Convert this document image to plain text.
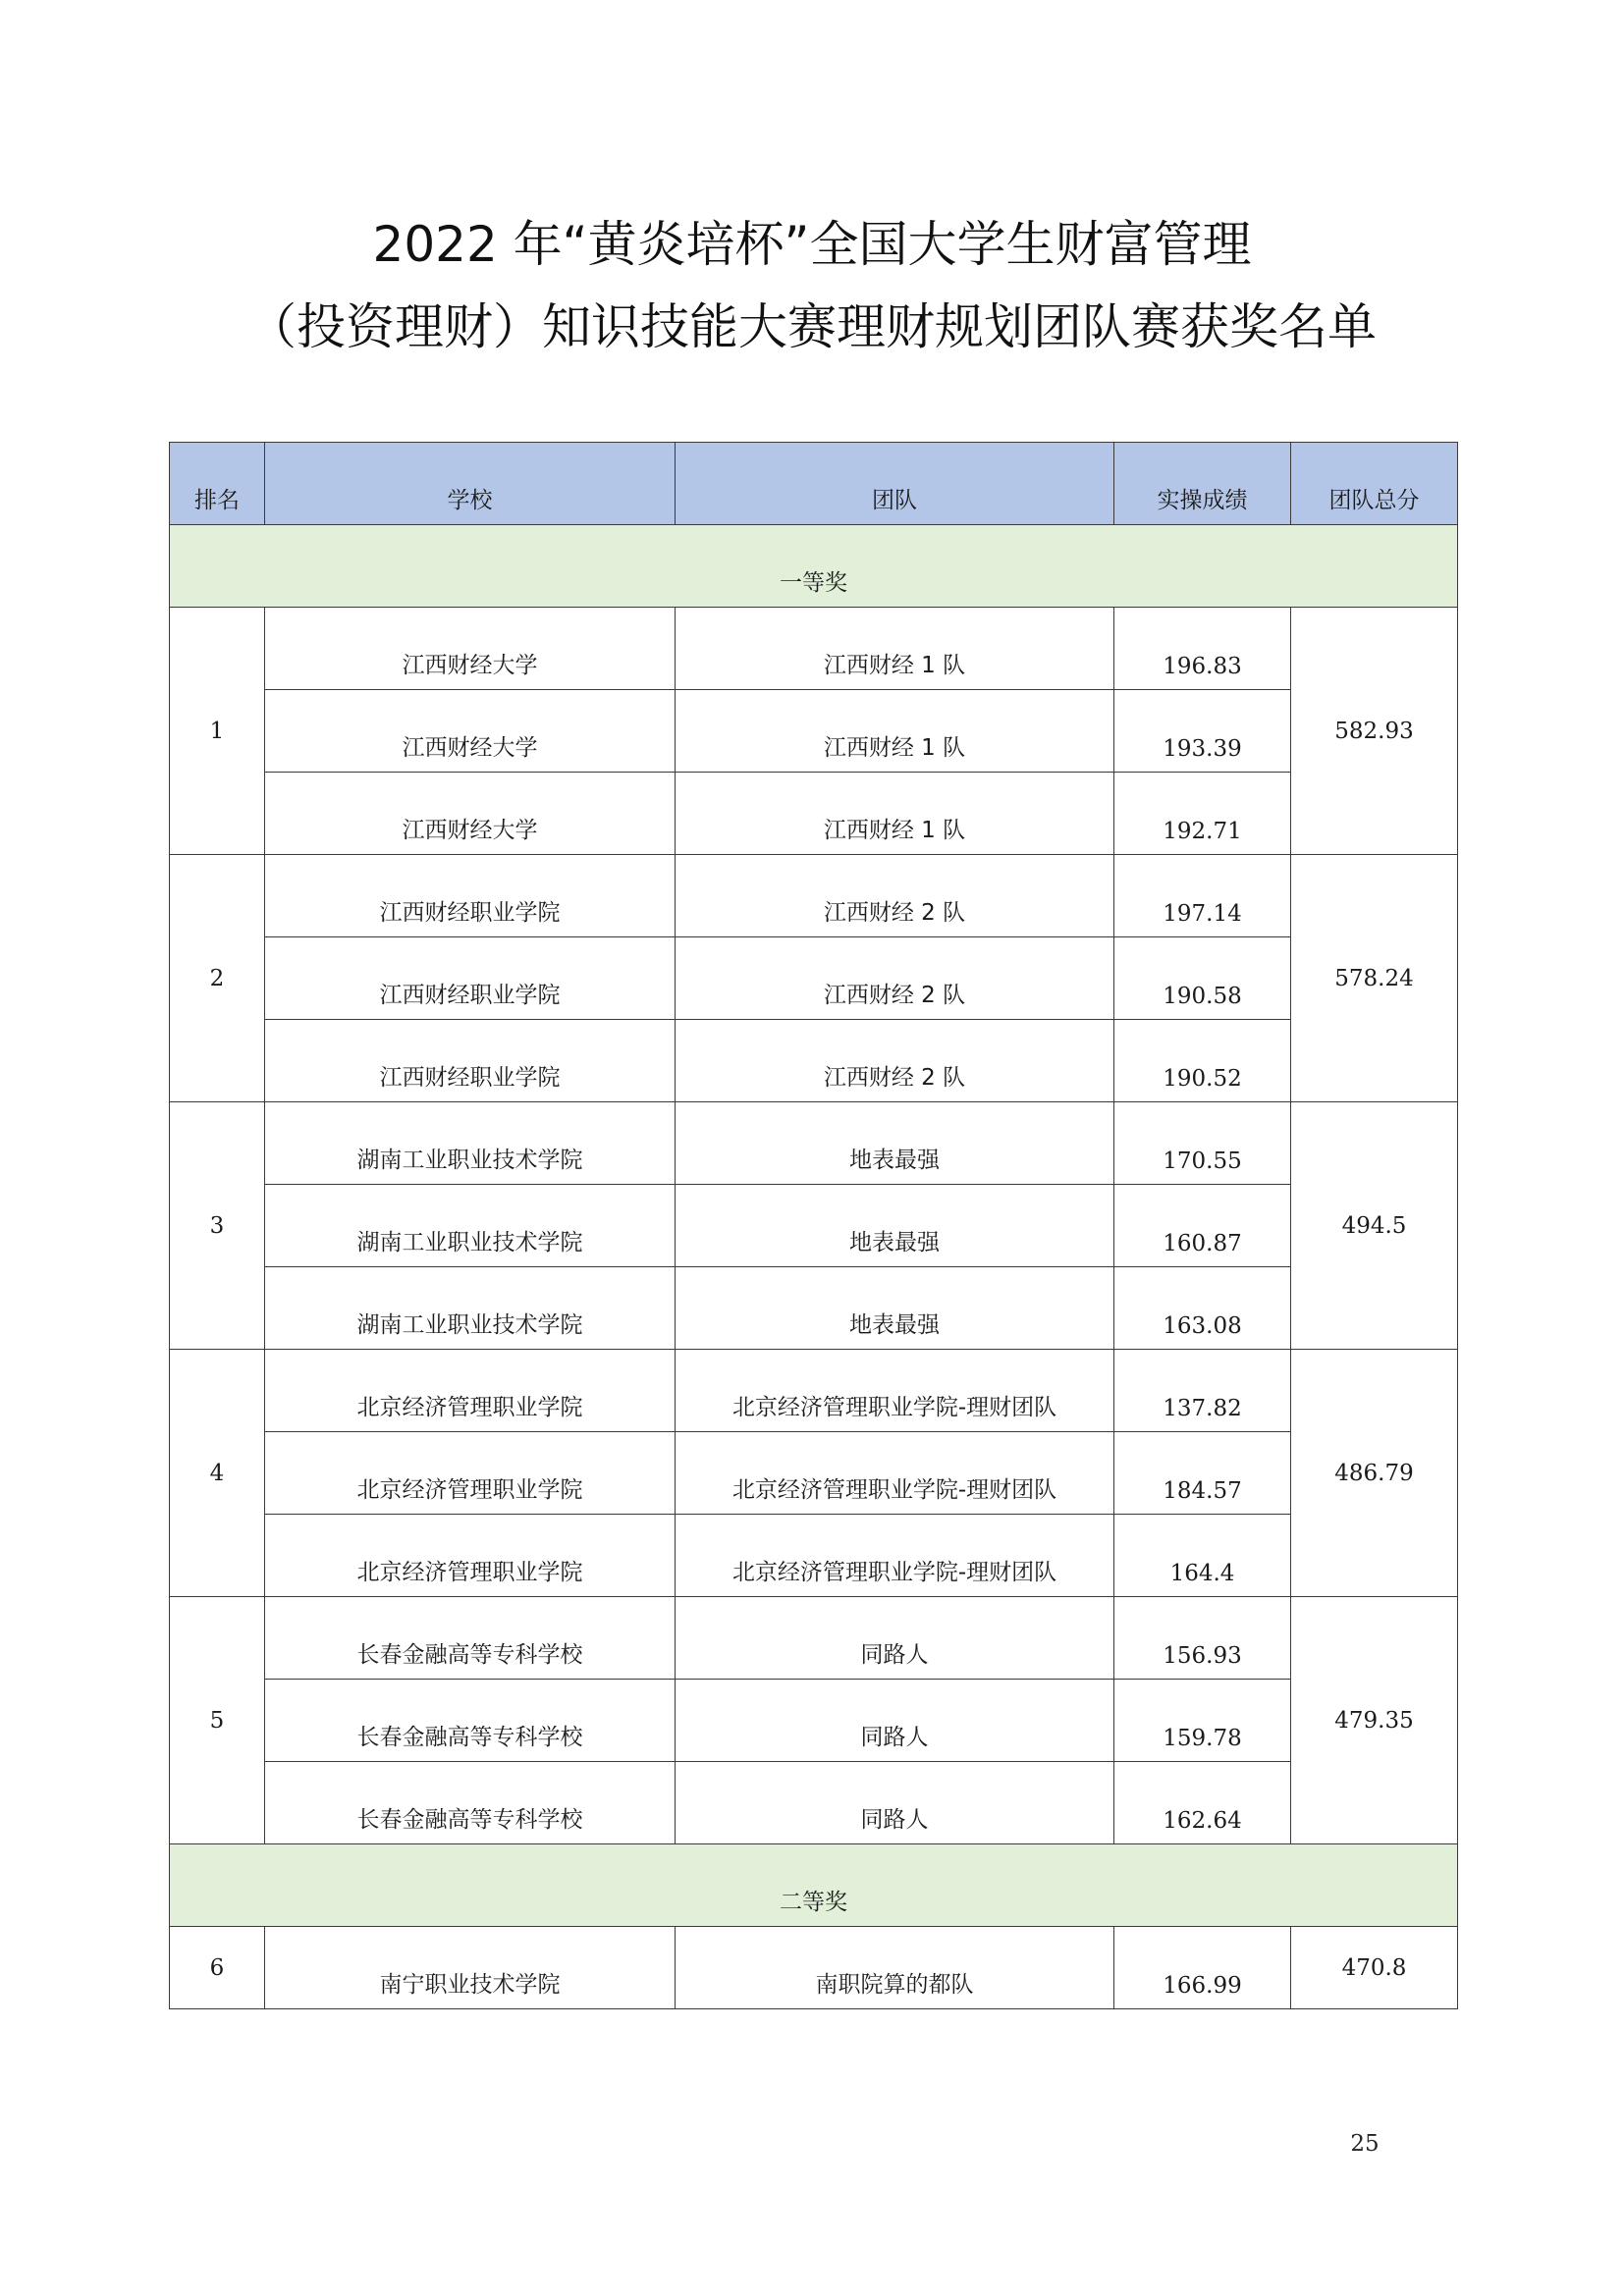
2022 年“黄炎培杯”全国大学生财富管理
（投资理财）知识技能大赛理财规划团队赛获奖名单
排名	学校	团队	实操成绩	团队总分
一等奖				
1	江西财经大学	江西财经 1 队	196.83	582.93
	江西财经大学	江西财经 1 队	193.39	
	江西财经大学	江西财经 1 队	192.71	
2	江西财经职业学院	江西财经 2 队	197.14	578.24
	江西财经职业学院	江西财经 2 队	190.58	
	江西财经职业学院	江西财经 2 队	190.52	
3	湖南工业职业技术学院	地表最强	170.55	494.5
	湖南工业职业技术学院	地表最强	160.87	
	湖南工业职业技术学院	地表最强	163.08	
4	北京经济管理职业学院	北京经济管理职业学院-理财团队	137.82	486.79
	北京经济管理职业学院	北京经济管理职业学院-理财团队	184.57	
	北京经济管理职业学院	北京经济管理职业学院-理财团队	164.4	
5	长春金融高等专科学校	同路人	156.93	479.35
	长春金融高等专科学校	同路人	159.78	
	长春金融高等专科学校	同路人	162.64	
二等奖				
6	南宁职业技术学院	南职院算的都队	166.99	470.8
25
